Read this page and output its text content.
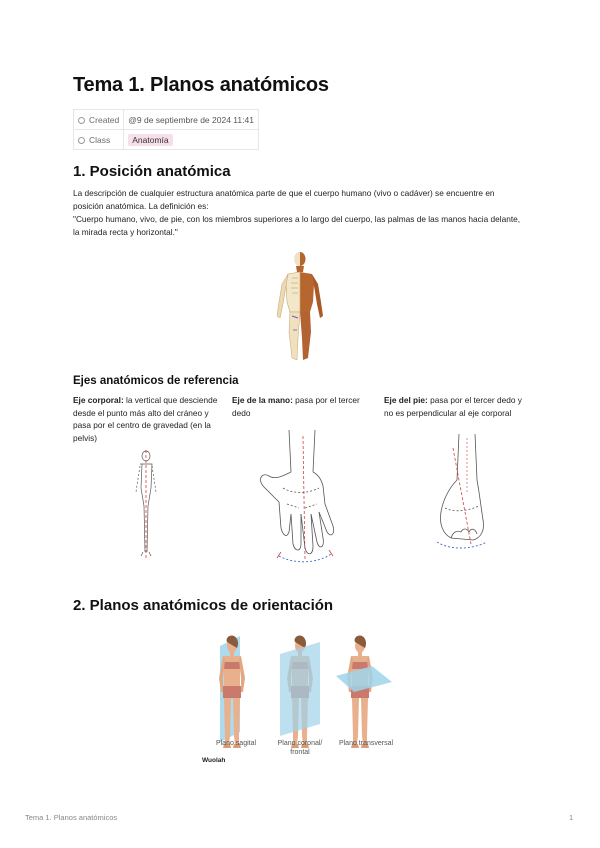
Tema 1. Planos anatómicos
Created	@9 de septiembre de 2024 11:41
Class	Anatomía
1. Posición anatómica

La descripción de cualquier estructura anatómica parte de que el cuerpo humano (vivo o cadáver) se encuentre en
posición anatómica. La definición es:

"Cuerpo humano, vivo, de pie, con los miembros superiores a lo largo del cuerpo, las palmas de las manos hacia delante,
la mirada recta y horizontal."

Ejes anatómicos de referencia

Eje corporal: la vertical que desciende
desde el punto más alto del cráneo y
pasa por el centro de gravedad (en la
pelvis)

Eje de la mano: pasa por el tercer
dedo

Eje del pie: pasa por el tercer dedo y
no es perpendicular al eje corporal

2. Planos anatómicos de orientación
Plano sagital	Plano coronal/
frontal
Plano transversal
Wuolah
Tema 1. Planos anatómicos	1
